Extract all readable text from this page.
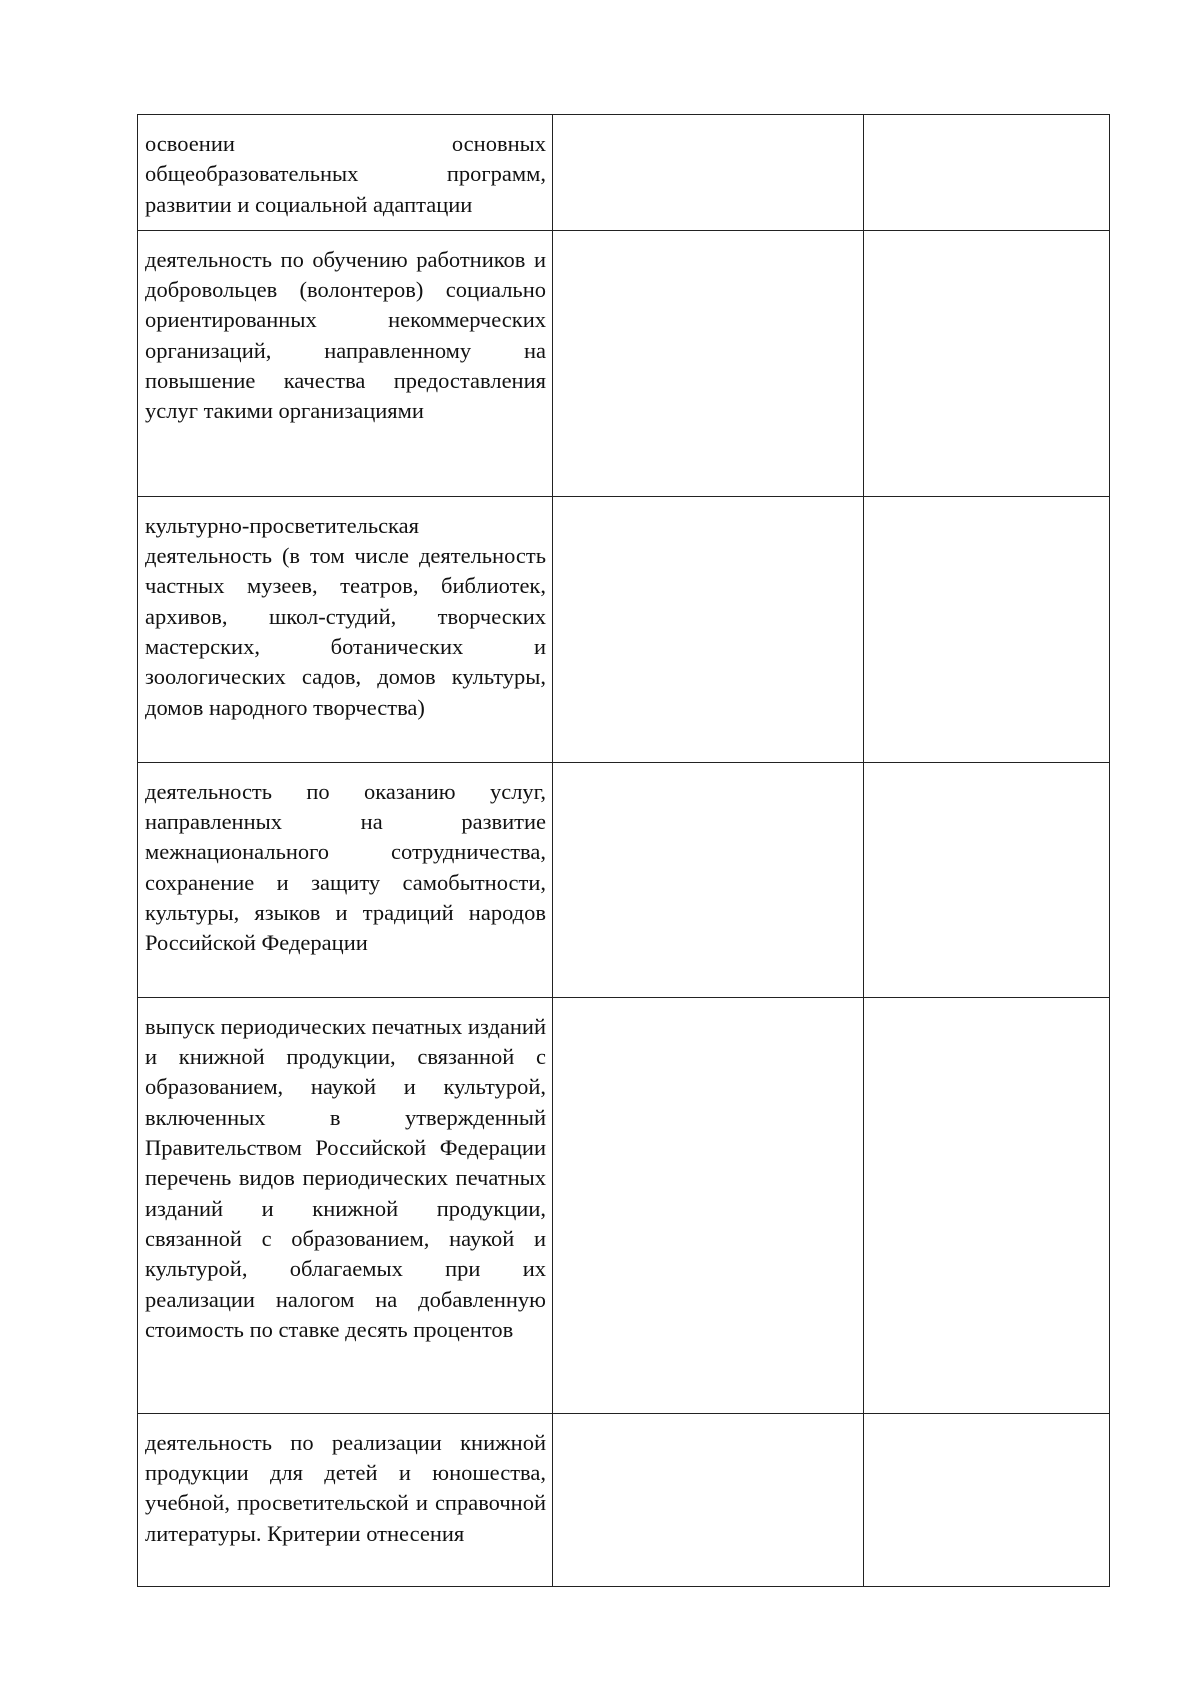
освоении основных общеобразовательных программ, развитии и социальной адаптации		

деятельность по обучению работников и добровольцев (волонтеров) социально ориентированных некоммерческих организаций, направленному на повышение качества предоставления услуг такими организациями		

культурно-просветительская деятельность (в том числе деятельность частных музеев, театров, библиотек, архивов, школ-студий, творческих мастерских, ботанических и зоологических садов, домов культуры, домов народного творчества)		

деятельность по оказанию услуг, направленных на развитие межнационального сотрудничества, сохранение и защиту самобытности, культуры, языков и традиций народов Российской Федерации		

выпуск периодических печатных изданий и книжной продукции, связанной с образованием, наукой и культурой, включенных в утвержденный Правительством Российской Федерации перечень видов периодических печатных изданий и книжной продукции, связанной с образованием, наукой и культурой, облагаемых при их реализации налогом на добавленную стоимость по ставке десять процентов		

деятельность по реализации книжной продукции для детей и юношества, учебной, просветительской и справочной литературы. Критерии отнесения		
